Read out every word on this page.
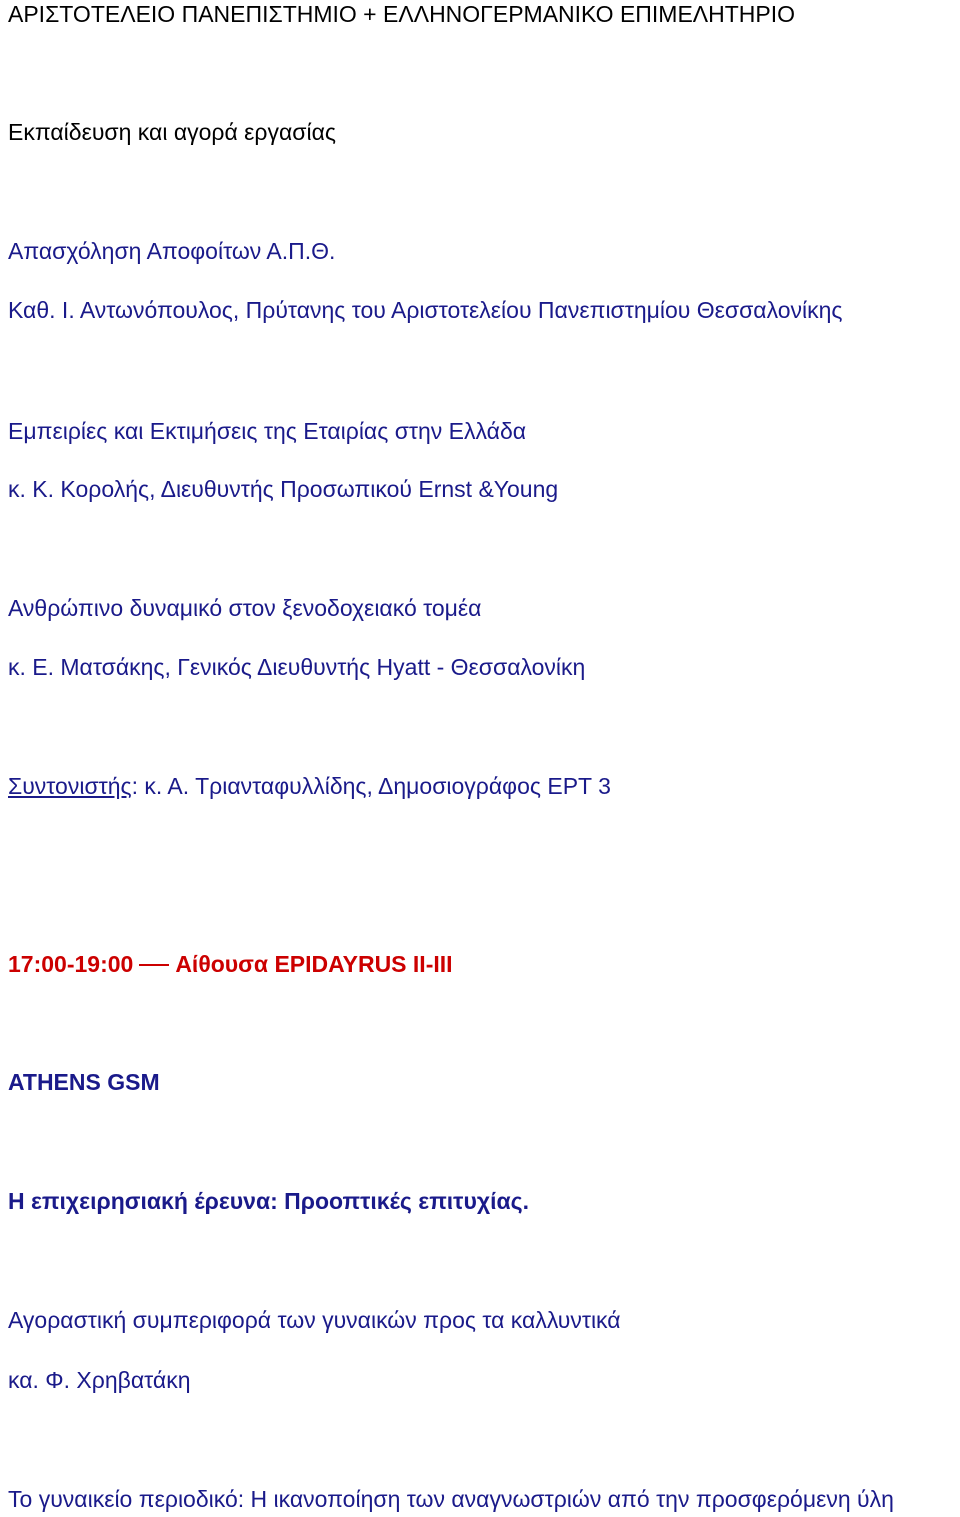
ΑΡΙΣΤΟΤΕΛΕΙΟ ΠΑΝΕΠΙΣΤΗΜΙΟ + ΕΛΛΗΝΟΓΕΡΜΑΝΙΚΟ ΕΠΙΜΕΛΗΤΗΡΙΟ
Εκπαίδευση και αγορά εργασίας
Απασχόληση Αποφοίτων Α.Π.Θ.
Καθ. Ι. Αντωνόπουλος, Πρύτανης του Αριστοτελείου Πανεπιστημίου Θεσσαλονίκης
Εμπειρίες και Εκτιμήσεις της Εταιρίας στην Ελλάδα
κ. Κ. Κορολής, Διευθυντής Προσωπικού Ernst &Young
Ανθρώπινο δυναμικό στον ξενοδοχειακό τομέα
κ. Ε. Ματσάκης, Γενικός Διευθυντής Hyatt - Θεσσαλονίκη
Συντονιστής: κ. Α. Τριανταφυλλίδης, Δημοσιογράφος ΕΡΤ 3
17:00-19:00 Αίθουσα EPIDAYRUS II-III
ATHENS GSM
Η επιχειρησιακή έρευνα: Προοπτικές επιτυχίας.
Αγοραστική συμπεριφορά των γυναικών προς τα καλλυντικά
κα. Φ. Χρηβατάκη
Το γυναικείο περιοδικό: Η ικανοποίηση των αναγνωστριών από την προσφερόμενη ύλη
